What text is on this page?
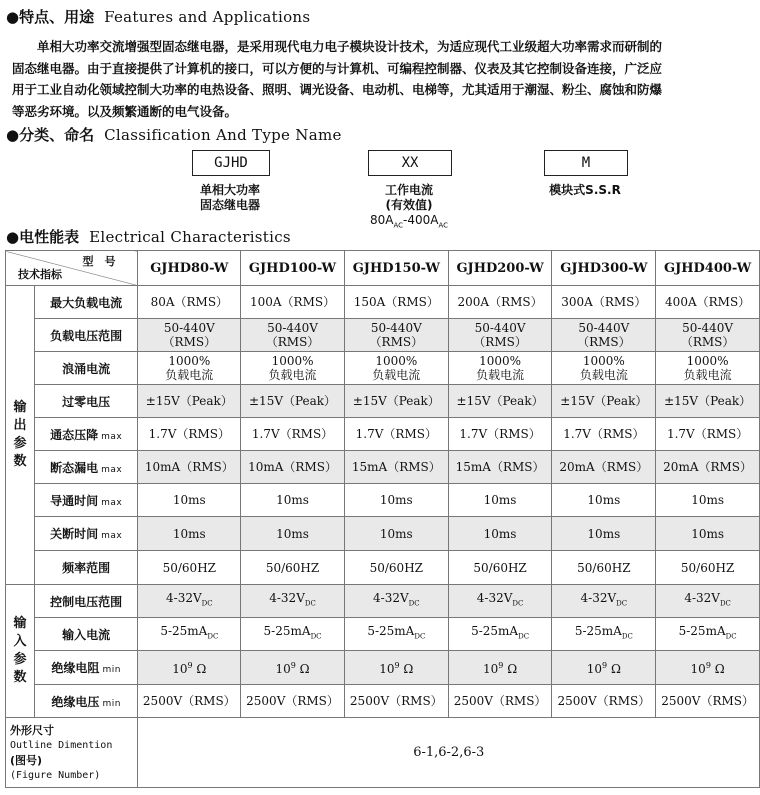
●特点、用途 Features and Applications

　　单相大功率交流增强型固态继电器，是采用现代电力电子模块设计技术，为适应现代工业级超大功率需求而研制的

固态继电器。由于直接提供了计算机的接口，可以方便的与计算机、可编程控制器、仪表及其它控制设备连接，广泛应

用于工业自动化领域控制大功率的电热设备、照明、调光设备、电动机、电梯等，尤其适用于潮湿、粉尘、腐蚀和防爆

等恶劣环境。以及频繁通断的电气设备。

●分类、命名 Classification And Type Name
GJHD
单相大功率
固态继电器
XX
工作电流
(有效值)
$80A_{AC}-400A_{AC}$
M
模块式S.S.R
●电性能表 Electrical Characteristics
型　号
技术指标		GJHD80-W	GJHD100-W	GJHD150-W	GJHD200-W	GJHD300-W	GJHD400-W
输
出
参
数	最大负载电流	80A（RMS）	100A（RMS）	150A（RMS）	200A（RMS）	300A（RMS）	400A（RMS）
	负载电压范围	50-440V
（RMS）	50-440V
（RMS）	50-440V
（RMS）	50-440V
（RMS）	50-440V
（RMS）	50-440V
（RMS）
	浪涌电流	1000%
负载电流	1000%
负载电流	1000%
负载电流	1000%
负载电流	1000%
负载电流	1000%
负载电流
	过零电压	±15V（Peak）	±15V（Peak）	±15V（Peak）	±15V（Peak）	±15V（Peak）	±15V（Peak）
	通态压降 max	1.7V（RMS）	1.7V（RMS）	1.7V（RMS）	1.7V（RMS）	1.7V（RMS）	1.7V（RMS）
	断态漏电 max	10mA（RMS）	10mA（RMS）	15mA（RMS）	15mA（RMS）	20mA（RMS）	20mA（RMS）
	导通时间 max	10ms	10ms	10ms	10ms	10ms	10ms
	关断时间 max	10ms	10ms	10ms	10ms	10ms	10ms
	频率范围	50/60HZ	50/60HZ	50/60HZ	50/60HZ	50/60HZ	50/60HZ
输
入
参
数	控制电压范围	$4-32V_{DC}$	$4-32V_{DC}$	$4-32V_{DC}$	$4-32V_{DC}$	$4-32V_{DC}$	$4-32V_{DC}$
	输入电流	$5-25mA_{DC}$	$5-25mA_{DC}$	$5-25mA_{DC}$	$5-25mA_{DC}$	$5-25mA_{DC}$	$5-25mA_{DC}$
	绝缘电阻 min	$10^9$ Ω	$10^9$ Ω	$10^9$ Ω	$10^9$ Ω	$10^9$ Ω	$10^9$ Ω
	绝缘电压 min	2500V（RMS）	2500V（RMS）	2500V（RMS）	2500V（RMS）	2500V（RMS）	2500V（RMS）

外形尺寸
Outline Dimention
(图号)
(Figure Number)		6-1,6-2,6-3					
